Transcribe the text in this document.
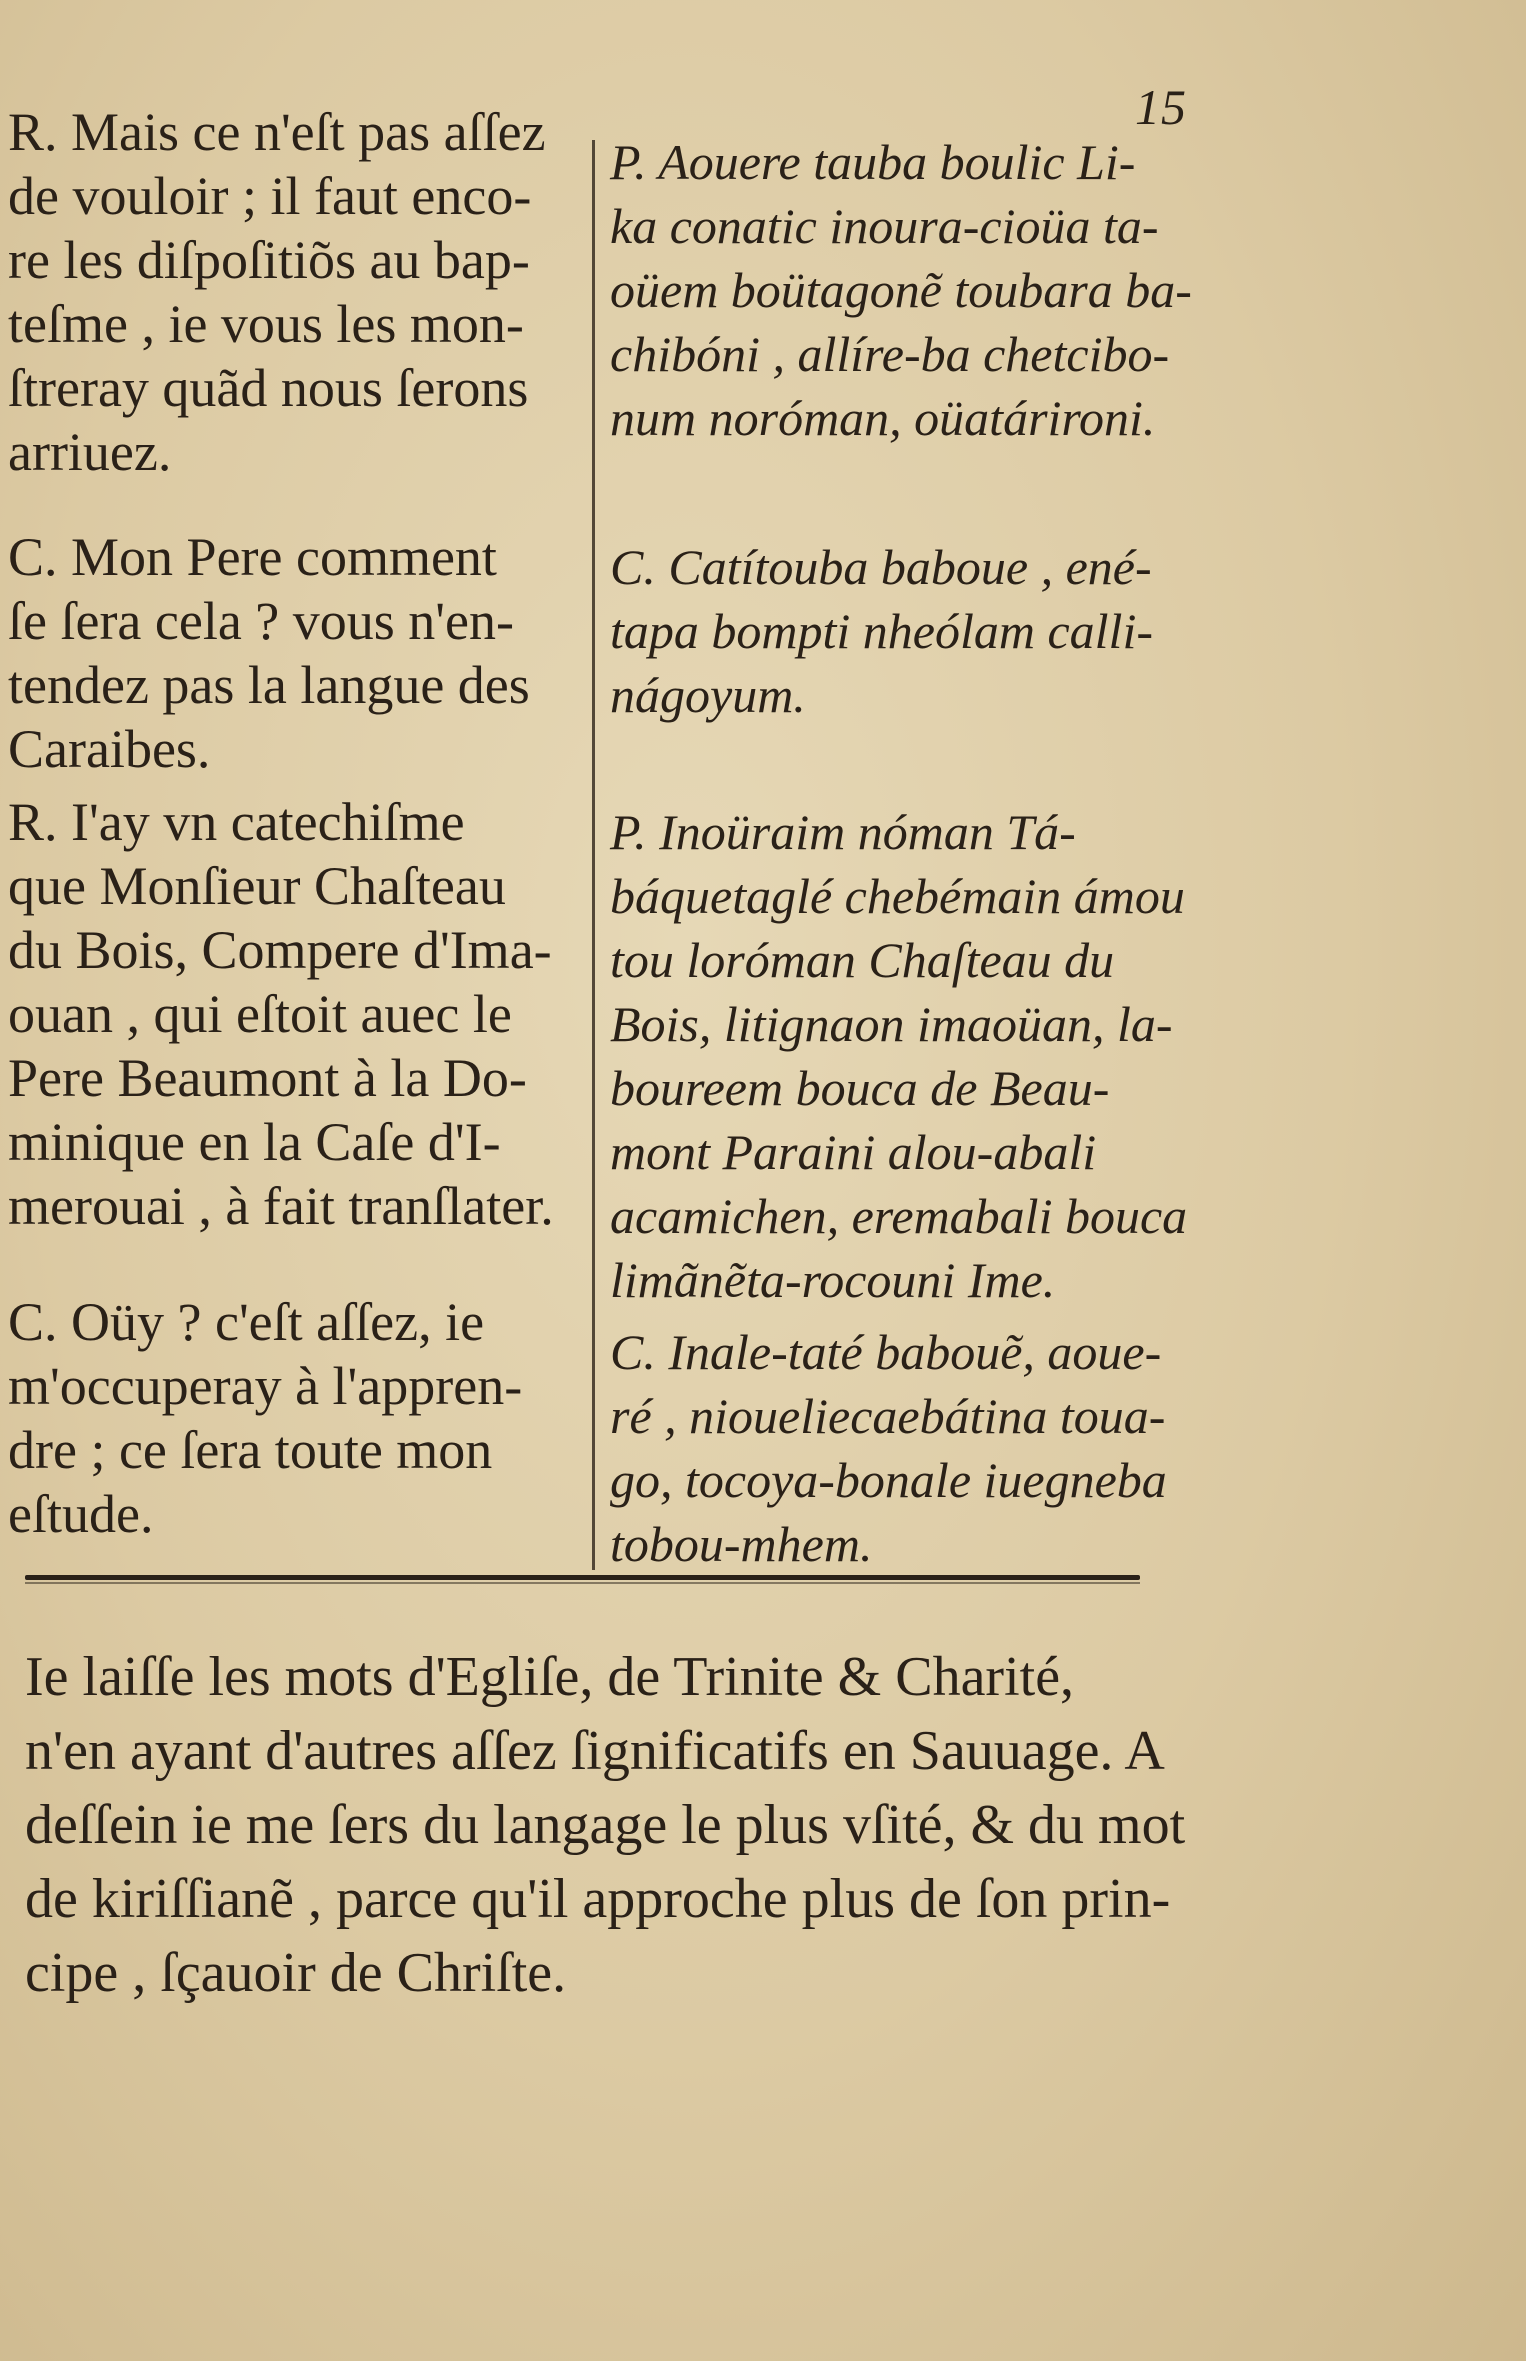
15
R. Mais ce n'eſt pas aſſez
de vouloir ; il faut enco-
re les diſpoſitiõs au bap-
teſme , ie vous les mon-
ſtreray quãd nous ſerons
arriuez.
C. Mon Pere comment
ſe ſera cela ? vous n'en-
tendez pas la langue des
Caraibes.
R. I'ay vn catechiſme
que Monſieur Chaſteau
du Bois, Compere d'Ima-
ouan , qui eſtoit auec le
Pere Beaumont à la Do-
minique en la Caſe d'I-
merouai , à fait tranſlater.
C. Oüy ? c'eſt aſſez, ie
m'occuperay à l'appren-
dre ; ce ſera toute mon
eſtude.
P. Aouere tauba boulic Li-
ka conatic inoura-cioüa ta-
oüem boütagonẽ toubara ba-
chibóni , allíre-ba chetcibo-
num noróman, oüatárironi.
C. Catítouba baboue , ené-
tapa bompti nheólam calli-
nágoyum.
P. Inoüraim nóman Tá-
báquetaglé chebémain ámou
tou loróman Chaſteau du
Bois, litignaon imaoüan, la-
boureem bouca de Beau-
mont Paraini alou-abali
acamichen, eremabali bouca
limãnẽta-rocouni Ime.
C. Inale-taté babouẽ, aoue-
ré , nioueliecaebátina toua-
go, tocoya-bonale iuegneba
tobou-mhem.
Ie laiſſe les mots d'Egliſe, de Trinite & Charité,
n'en ayant d'autres aſſez ſignificatifs en Sauuage. A
deſſein ie me ſers du langage le plus vſité, & du mot
de kiriſſianẽ , parce qu'il approche plus de ſon prin-
cipe , ſçauoir de Chriſte.
